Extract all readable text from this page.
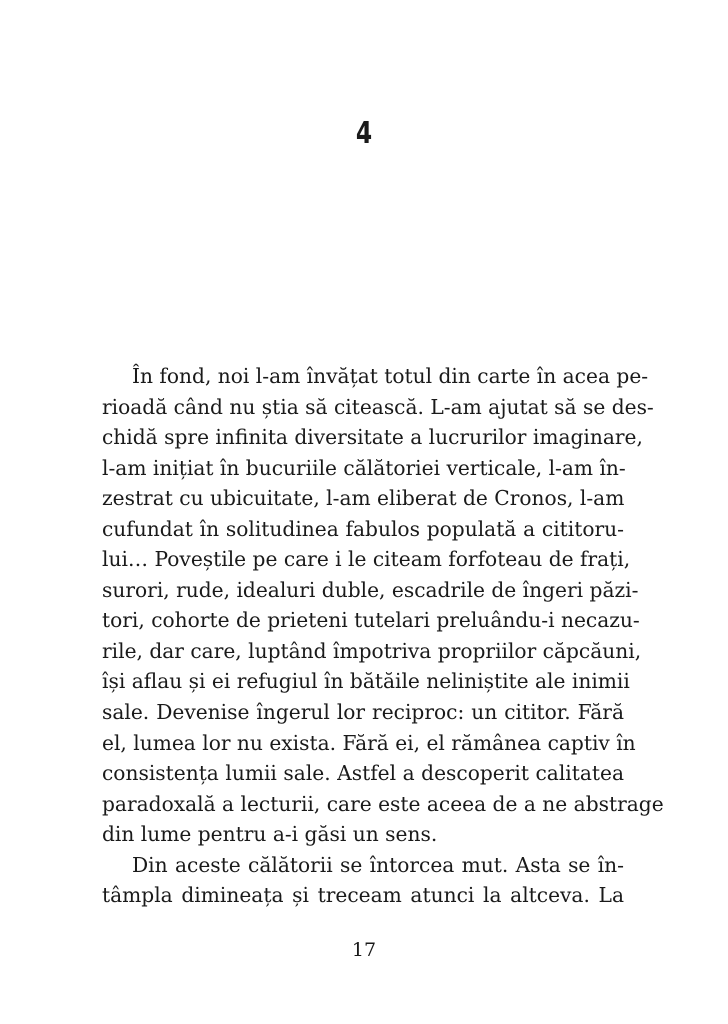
4
În fond, noi l-am învățat totul din carte în acea pe-
rioadă când nu știa să citească. L-am ajutat să se des-
chidă spre infinita diversitate a lucrurilor imaginare,
l-am inițiat în bucuriile călătoriei verticale, l-am în-
zestrat cu ubicuitate, l-am eliberat de Cronos, l-am
cufundat în solitudinea fabulos populată a cititoru-
lui… Poveștile pe care i le citeam forfoteau de frați,
surori, rude, idealuri duble, escadrile de îngeri păzi-
tori, cohorte de prieteni tutelari preluându-i necazu-
rile, dar care, luptând împotriva propriilor căpcăuni,
își aflau și ei refugiul în bătăile neliniștite ale inimii
sale. Devenise îngerul lor reciproc: un cititor. Fără
el, lumea lor nu exista. Fără ei, el rămânea captiv în
consistența lumii sale. Astfel a descoperit calitatea
paradoxală a lecturii, care este aceea de a ne abstrage
din lume pentru a-i găsi un sens.
Din aceste călătorii se întorcea mut. Asta se în-
tâmpla dimineața și treceam atunci la altceva. La
17
